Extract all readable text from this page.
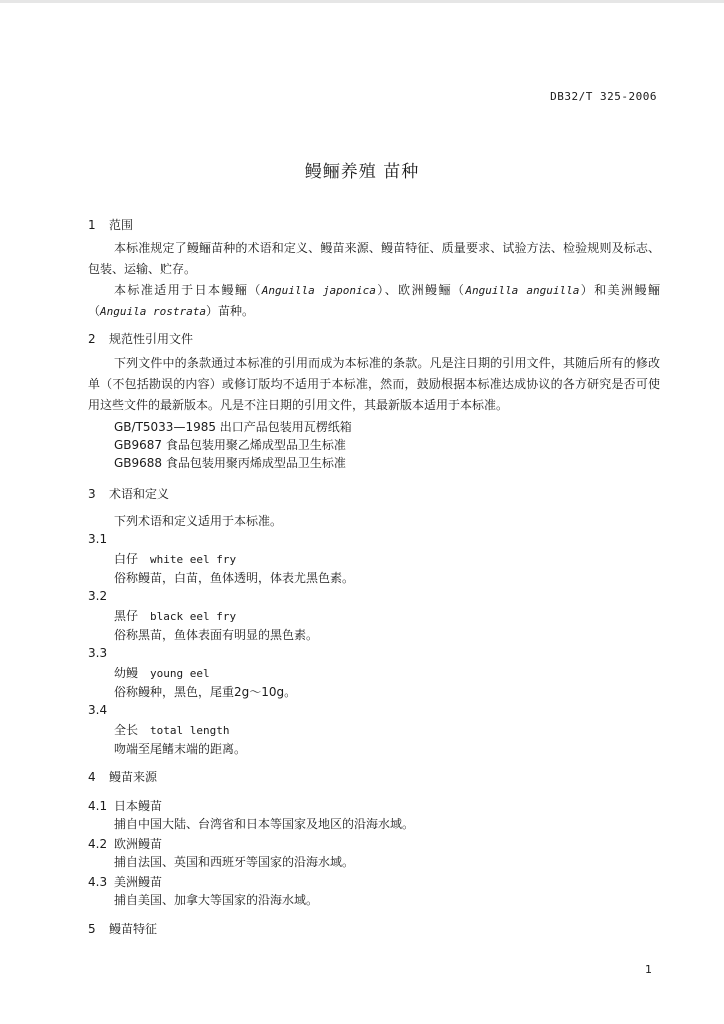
DB32/T 325-2006
鳗鲡养殖 苗种
1 范围

本标准规定了鳗鲡苗种的术语和定义、鳗苗来源、鳗苗特征、质量要求、试验方法、检验规则及标志、包装、运输、贮存。

本标准适用于日本鳗鲡（Anguilla japonica）、欧洲鳗鲡（Anguilla anguilla）和美洲鳗鲡（Anguila rostrata）苗种。

2 规范性引用文件

下列文件中的条款通过本标准的引用而成为本标准的条款。凡是注日期的引用文件，其随后所有的修改单（不包括勘误的内容）或修订版均不适用于本标准，然而，鼓励根据本标准达成协议的各方研究是否可使用这些文件的最新版本。凡是不注日期的引用文件，其最新版本适用于本标准。

GB/T5033—1985 出口产品包装用瓦楞纸箱
GB9687 食品包装用聚乙烯成型品卫生标准
GB9688 食品包装用聚丙烯成型品卫生标准
3 术语和定义
下列术语和定义适用于本标准。
3.1
白仔 white eel fry
俗称鳗苗，白苗，鱼体透明，体表尤黑色素。
3.2
黑仔 black eel fry
俗称黑苗，鱼体表面有明显的黑色素。
3.3
幼鳗 young eel
俗称鳗种，黑色，尾重2g～10g。
3.4
全长 total length
吻端至尾鳍末端的距离。
4 鳗苗来源
4.1 日本鳗苗
捕自中国大陆、台湾省和日本等国家及地区的沿海水域。
4.2 欧洲鳗苗
捕自法国、英国和西班牙等国家的沿海水域。
4.3 美洲鳗苗
捕自美国、加拿大等国家的沿海水域。
5 鳗苗特征
1
